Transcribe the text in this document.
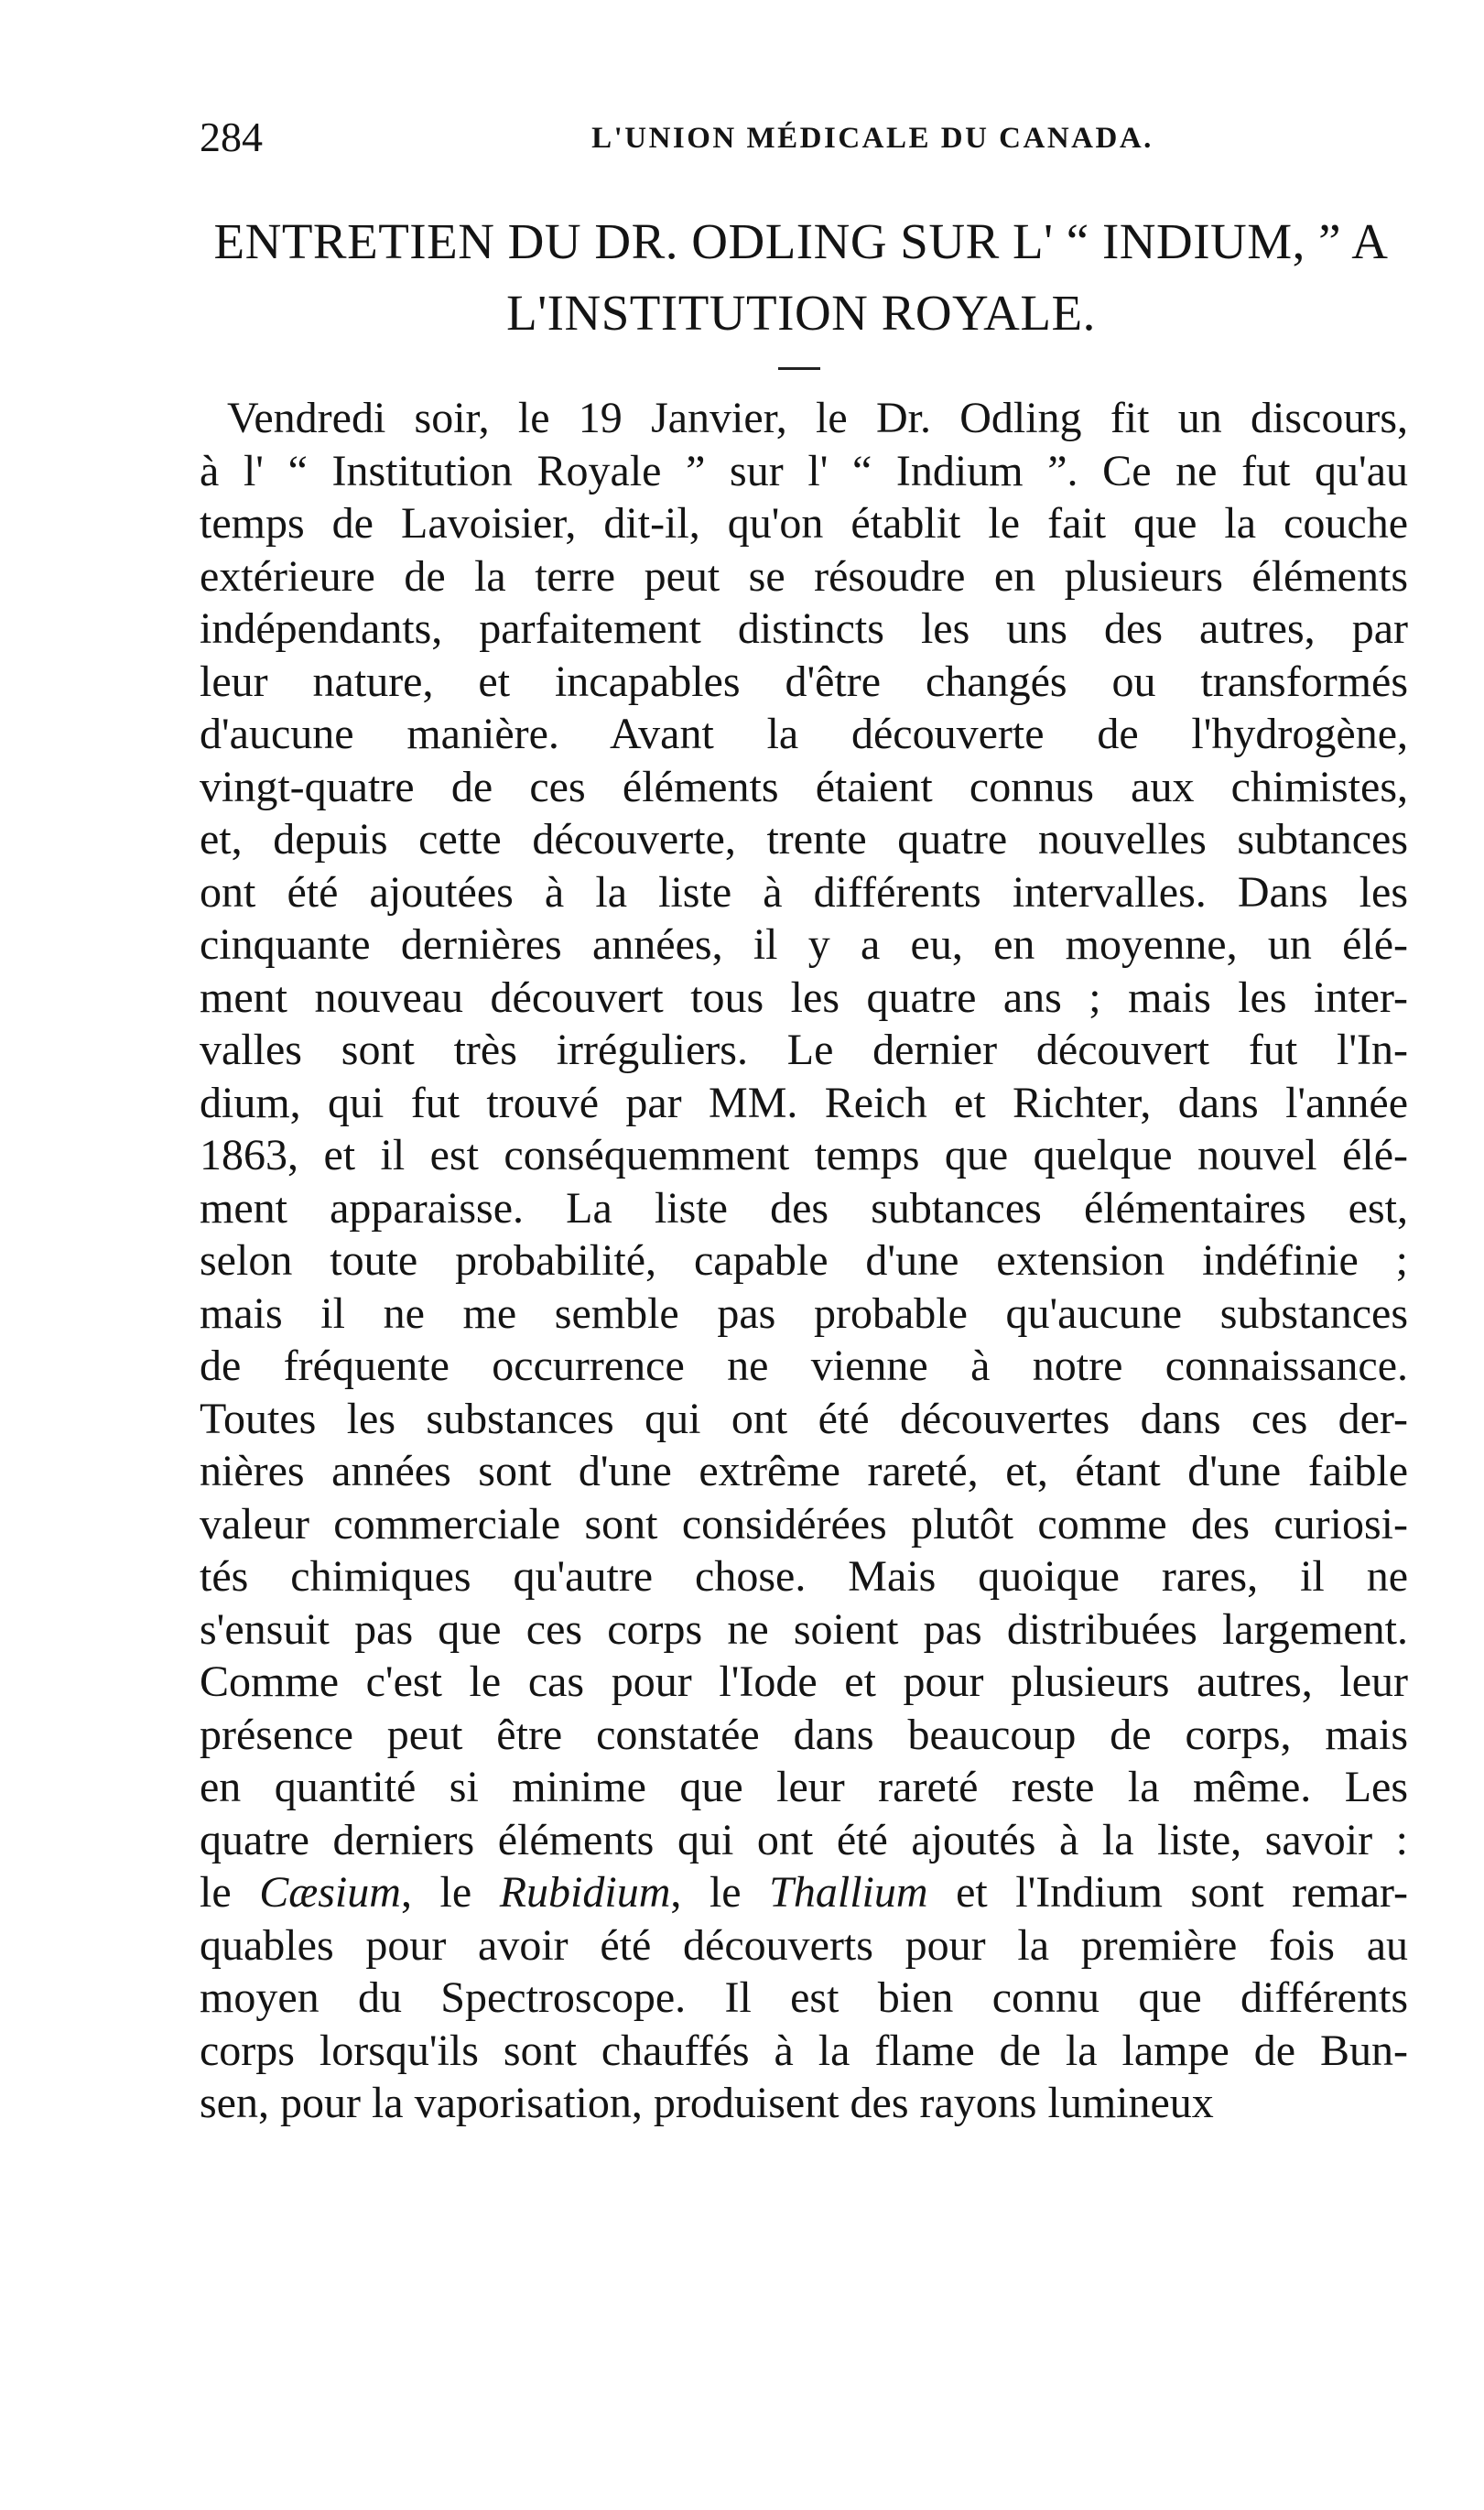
284	L'UNION MÉDICALE DU CANADA.
ENTRETIEN DU DR. ODLING SUR L' “ INDIUM, ” A
L'INSTITUTION ROYALE.
Vendredi soir, le 19 Janvier, le Dr. Odling fit un discours,
à l' “ Institution Royale ” sur l' “ Indium ”. Ce ne fut qu'au
temps de Lavoisier, dit-il, qu'on établit le fait que la couche
extérieure de la terre peut se résoudre en plusieurs éléments
indépendants, parfaitement distincts les uns des autres, par
leur nature, et incapables d'être changés ou transformés
d'aucune manière. Avant la découverte de l'hydrogène,
vingt-quatre de ces éléments étaient connus aux chimistes,
et, depuis cette découverte, trente quatre nouvelles subtances
ont été ajoutées à la liste à différents intervalles. Dans les
cinquante dernières années, il y a eu, en moyenne, un élé-
ment nouveau découvert tous les quatre ans ; mais les inter-
valles sont très irréguliers. Le dernier découvert fut l'In-
dium, qui fut trouvé par MM. Reich et Richter, dans l'année
1863, et il est conséquemment temps que quelque nouvel élé-
ment apparaisse. La liste des subtances élémentaires est,
selon toute probabilité, capable d'une extension indéfinie ;
mais il ne me semble pas probable qu'aucune substances
de fréquente occurrence ne vienne à notre connaissance.
Toutes les substances qui ont été découvertes dans ces der-
nières années sont d'une extrême rareté, et, étant d'une faible
valeur commerciale sont considérées plutôt comme des curiosi-
tés chimiques qu'autre chose. Mais quoique rares, il ne
s'ensuit pas que ces corps ne soient pas distribuées largement.
Comme c'est le cas pour l'Iode et pour plusieurs autres, leur
présence peut être constatée dans beaucoup de corps, mais
en quantité si minime que leur rareté reste la même. Les
quatre derniers éléments qui ont été ajoutés à la liste, savoir :
le Cæsium, le Rubidium, le Thallium et l'Indium sont remar-
quables pour avoir été découverts pour la première fois au
moyen du Spectroscope. Il est bien connu que différents
corps lorsqu'ils sont chauffés à la flame de la lampe de Bun-
sen, pour la vaporisation, produisent des rayons lumineux
